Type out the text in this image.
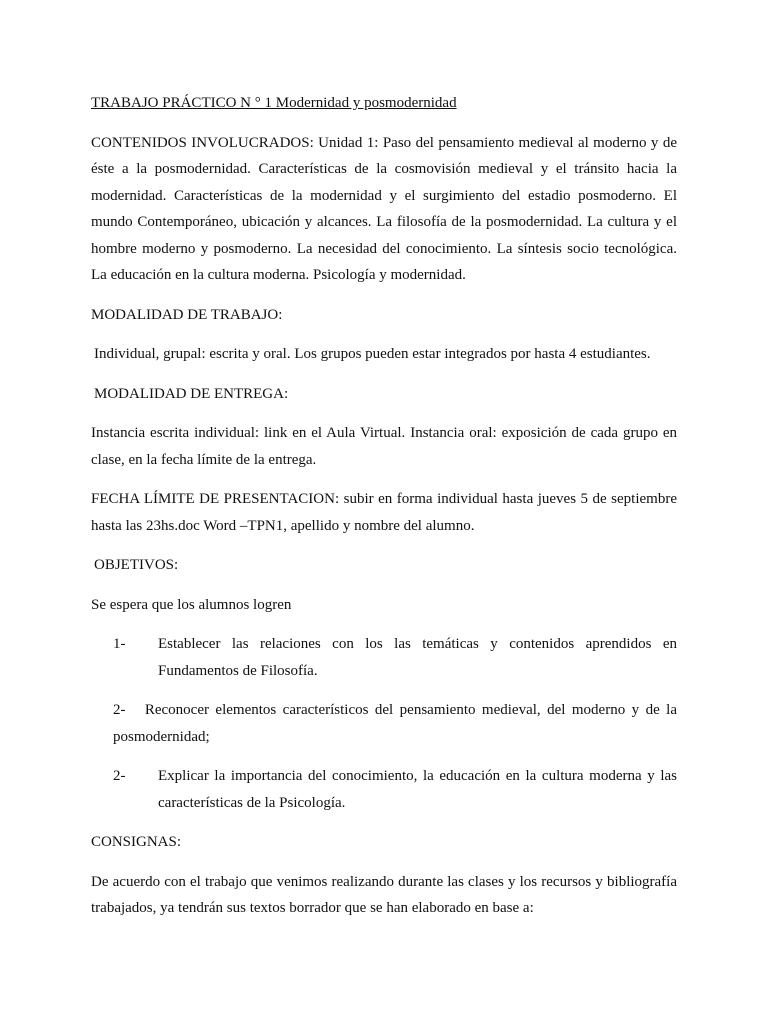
TRABAJO PRÁCTICO N ° 1 Modernidad y posmodernidad

CONTENIDOS INVOLUCRADOS: Unidad 1: Paso del pensamiento medieval al moderno y de éste a la posmodernidad. Características de la cosmovisión medieval y el tránsito hacia la modernidad. Características de la modernidad y el surgimiento del estadio posmoderno. El mundo Contemporáneo, ubicación y alcances. La filosofía de la posmodernidad. La cultura y el hombre moderno y posmoderno. La necesidad del conocimiento. La síntesis socio tecnológica. La educación en la cultura moderna. Psicología y modernidad.

MODALIDAD DE TRABAJO:

Individual, grupal: escrita y oral. Los grupos pueden estar integrados por hasta 4 estudiantes.

MODALIDAD DE ENTREGA:

Instancia escrita individual: link en el Aula Virtual. Instancia oral: exposición de cada grupo en clase, en la fecha límite de la entrega.

FECHA LÍMITE DE PRESENTACION: subir en forma individual hasta jueves 5 de septiembre hasta las 23hs.doc Word –TPN1, apellido y nombre del alumno.

OBJETIVOS:

Se espera que los alumnos logren

1- Establecer las relaciones con los las temáticas y contenidos aprendidos en Fundamentos de Filosofía.
2- Reconocer elementos característicos del pensamiento medieval, del moderno y de la posmodernidad;
2- Explicar la importancia del conocimiento, la educación en la cultura moderna y las características de la Psicología.

CONSIGNAS:

De acuerdo con el trabajo que venimos realizando durante las clases y los recursos y bibliografía trabajados, ya tendrán sus textos borrador que se han elaborado en base a:
